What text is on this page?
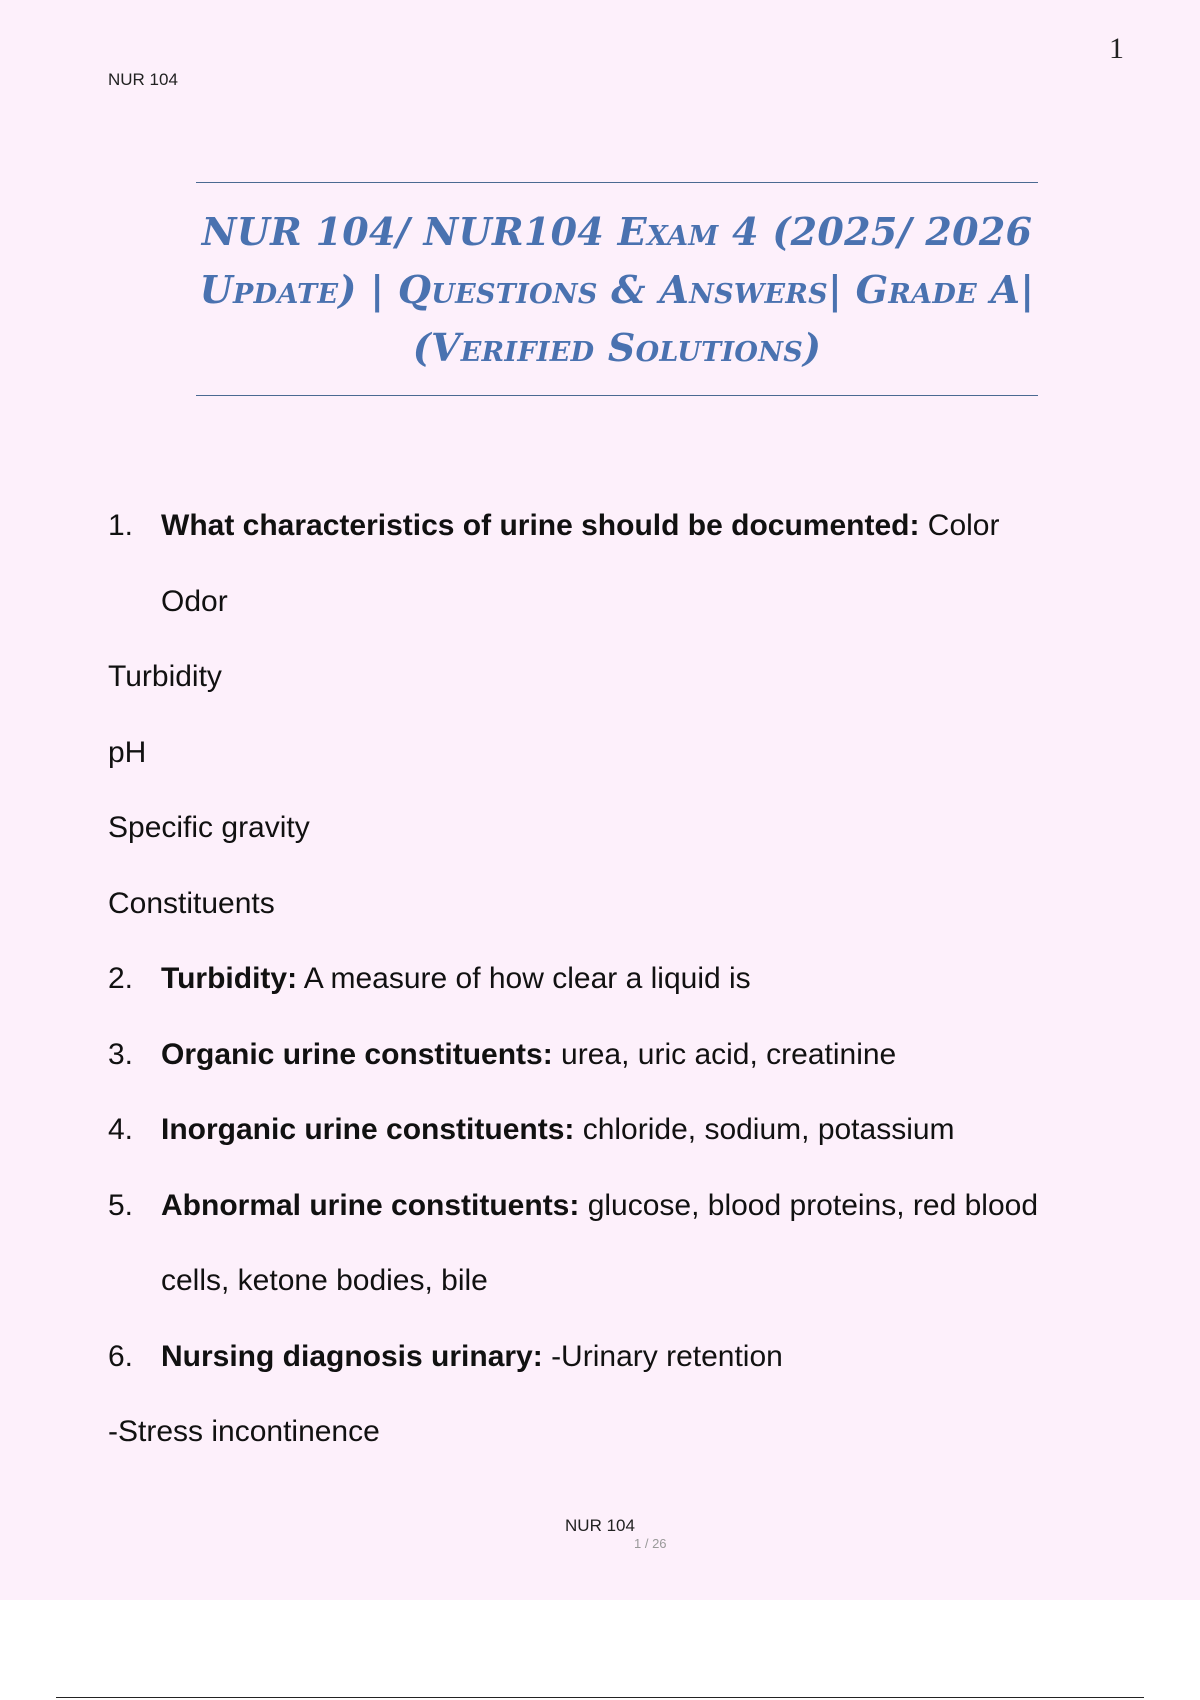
NUR 104
1
NUR 104/ NUR104 Exam 4 (2025/ 2026
Update) | Questions & Answers| Grade A|
(Verified Solutions)
1. What characteristics of urine should be documented: Color
Odor
Turbidity
pH
Specific gravity
Constituents
2. Turbidity: A measure of how clear a liquid is
3. Organic urine constituents: urea, uric acid, creatinine
4. Inorganic urine constituents: chloride, sodium, potassium
5. Abnormal urine constituents: glucose, blood proteins, red blood
cells, ketone bodies, bile
6. Nursing diagnosis urinary: -Urinary retention
-Stress incontinence
NUR 104
1 / 26
